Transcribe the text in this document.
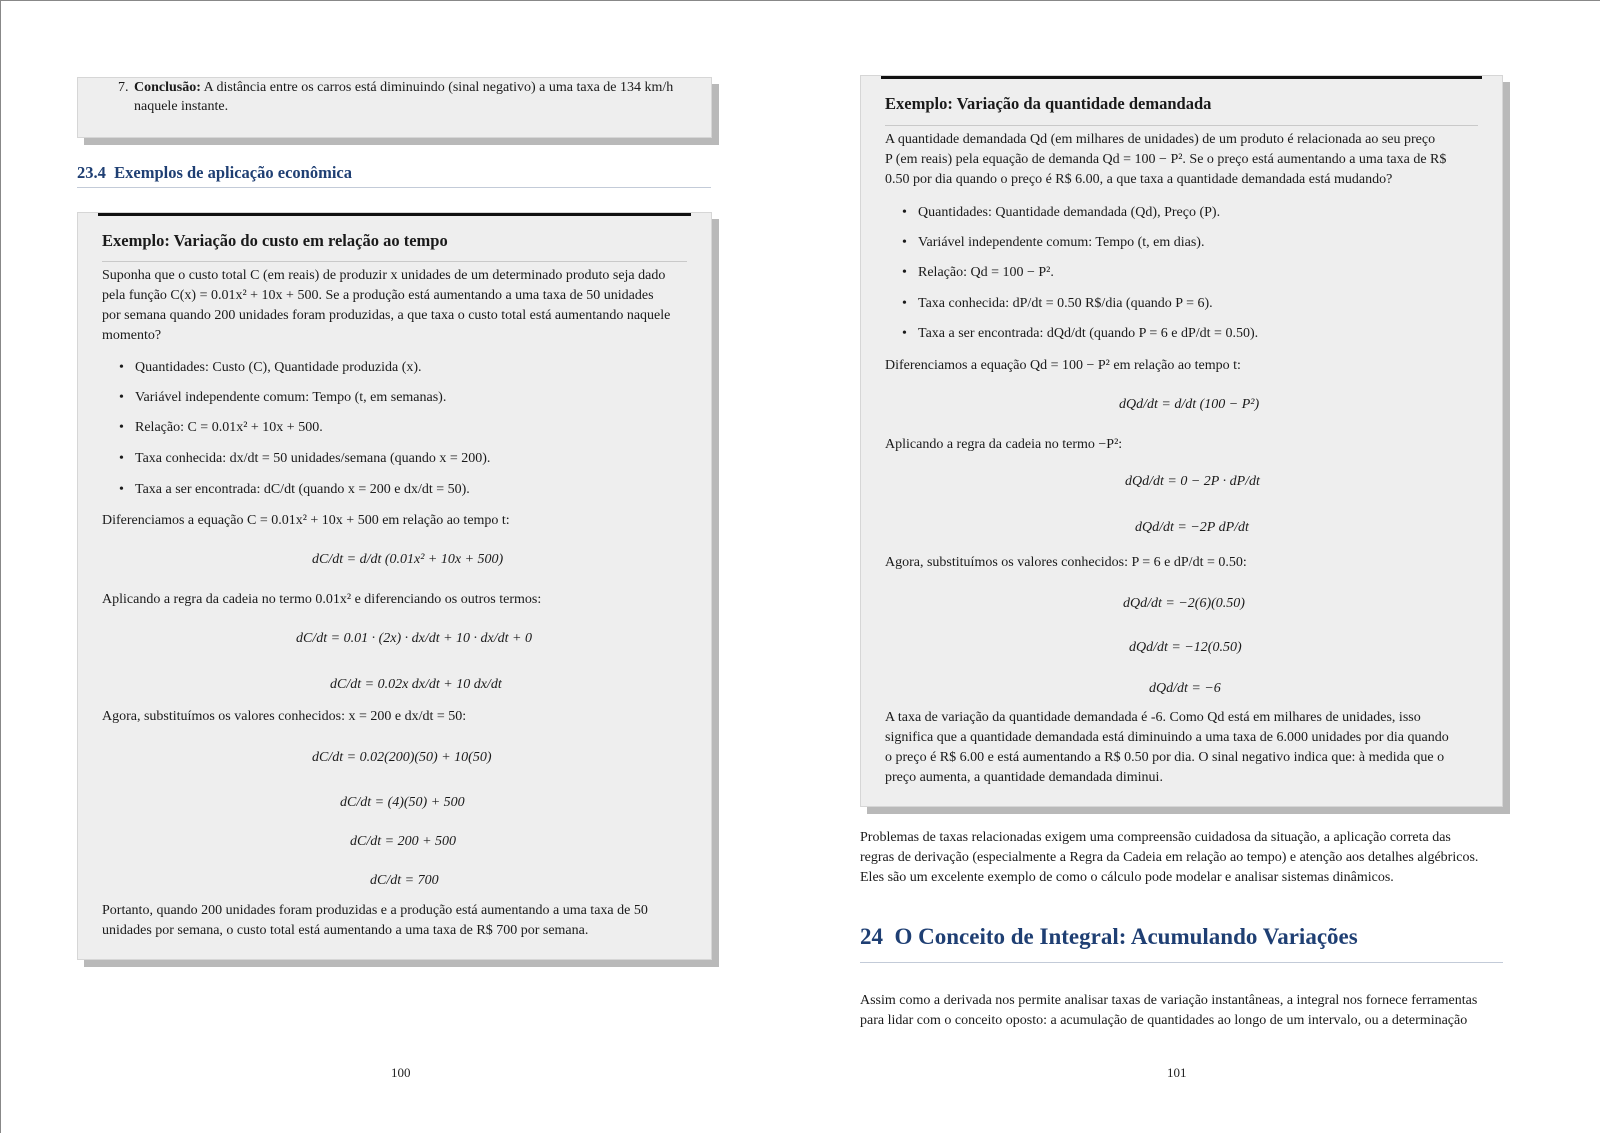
7. Conclusão: A distância entre os carros está diminuindo (sinal negativo) a uma taxa de 134 km/h
naquele instante.
23.4 Exemplos de aplicação econômica
Exemplo: Variação do custo em relação ao tempo
Suponha que o custo total C (em reais) de produzir x unidades de um determinado produto seja dado
pela função C(x) = 0.01x² + 10x + 500. Se a produção está aumentando a uma taxa de 50 unidades
por semana quando 200 unidades foram produzidas, a que taxa o custo total está aumentando naquele
momento?
• Quantidades: Custo (C), Quantidade produzida (x).
• Variável independente comum: Tempo (t, em semanas).
• Relação: C = 0.01x² + 10x + 500.
• Taxa conhecida: dx/dt = 50 unidades/semana (quando x = 200).
• Taxa a ser encontrada: dC/dt (quando x = 200 e dx/dt = 50).
Diferenciamos a equação C = 0.01x² + 10x + 500 em relação ao tempo t:
dC/dt = d/dt (0.01x² + 10x + 500)
Aplicando a regra da cadeia no termo 0.01x² e diferenciando os outros termos:
dC/dt = 0.01 · (2x) · dx/dt + 10 · dx/dt + 0
dC/dt = 0.02x dx/dt + 10 dx/dt
Agora, substituímos os valores conhecidos: x = 200 e dx/dt = 50:
dC/dt = 0.02(200)(50) + 10(50)
dC/dt = (4)(50) + 500
dC/dt = 200 + 500
dC/dt = 700
Portanto, quando 200 unidades foram produzidas e a produção está aumentando a uma taxa de 50
unidades por semana, o custo total está aumentando a uma taxa de R$ 700 por semana.
100
Exemplo: Variação da quantidade demandada
A quantidade demandada Qd (em milhares de unidades) de um produto é relacionada ao seu preço
P (em reais) pela equação de demanda Qd = 100 − P². Se o preço está aumentando a uma taxa de R$
0.50 por dia quando o preço é R$ 6.00, a que taxa a quantidade demandada está mudando?
• Quantidades: Quantidade demandada (Qd), Preço (P).
• Variável independente comum: Tempo (t, em dias).
• Relação: Qd = 100 − P².
• Taxa conhecida: dP/dt = 0.50 R$/dia (quando P = 6).
• Taxa a ser encontrada: dQd/dt (quando P = 6 e dP/dt = 0.50).
Diferenciamos a equação Qd = 100 − P² em relação ao tempo t:
dQd/dt = d/dt (100 − P²)
Aplicando a regra da cadeia no termo −P²:
dQd/dt = 0 − 2P · dP/dt
dQd/dt = −2P dP/dt
Agora, substituímos os valores conhecidos: P = 6 e dP/dt = 0.50:
dQd/dt = −2(6)(0.50)
dQd/dt = −12(0.50)
dQd/dt = −6
A taxa de variação da quantidade demandada é -6. Como Qd está em milhares de unidades, isso
significa que a quantidade demandada está diminuindo a uma taxa de 6.000 unidades por dia quando
o preço é R$ 6.00 e está aumentando a R$ 0.50 por dia. O sinal negativo indica que: à medida que o
preço aumenta, a quantidade demandada diminui.
Problemas de taxas relacionadas exigem uma compreensão cuidadosa da situação, a aplicação correta das
regras de derivação (especialmente a Regra da Cadeia em relação ao tempo) e atenção aos detalhes algébricos.
Eles são um excelente exemplo de como o cálculo pode modelar e analisar sistemas dinâmicos.
24 O Conceito de Integral: Acumulando Variações
Assim como a derivada nos permite analisar taxas de variação instantâneas, a integral nos fornece ferramentas
para lidar com o conceito oposto: a acumulação de quantidades ao longo de um intervalo, ou a determinação
101
